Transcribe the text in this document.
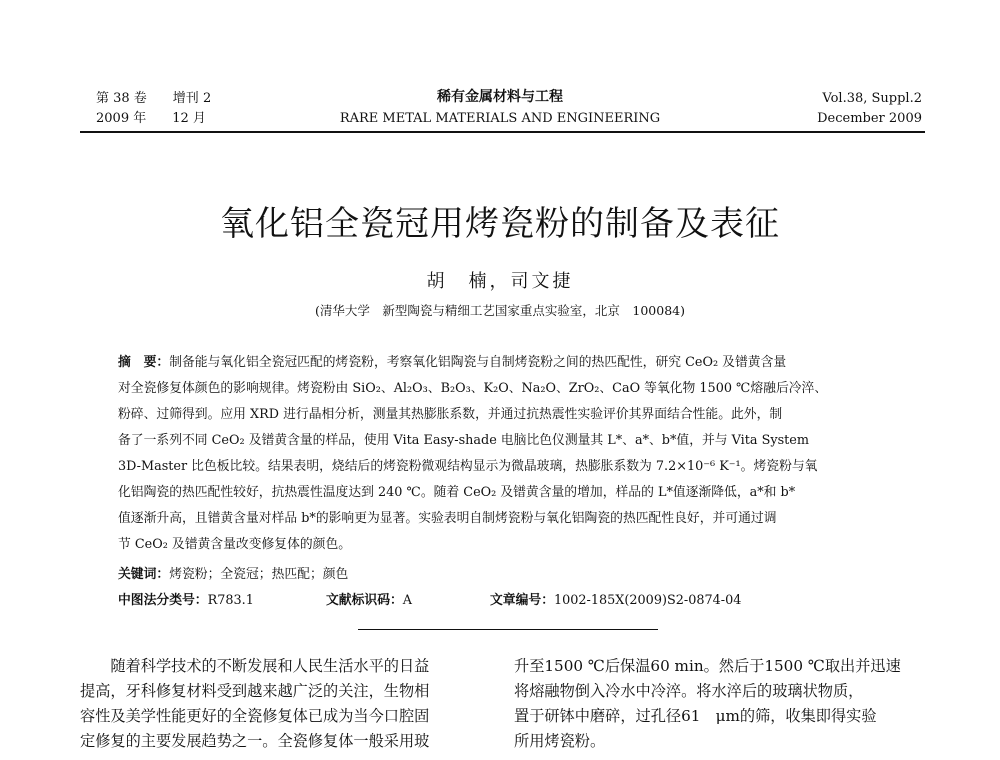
第 38 卷　　增刊 2
2009 年　　12 月
稀有金属材料与工程
RARE METAL MATERIALS AND ENGINEERING
Vol.38, Suppl.2
December 2009
氧化铝全瓷冠用烤瓷粉的制备及表征
胡　楠，司文捷
(清华大学　新型陶瓷与精细工艺国家重点实验室，北京　100084)
摘　要：制备能与氧化铝全瓷冠匹配的烤瓷粉，考察氧化铝陶瓷与自制烤瓷粉之间的热匹配性，研究 CeO₂ 及镨黄含量
对全瓷修复体颜色的影响规律。烤瓷粉由 SiO₂、Al₂O₃、B₂O₃、K₂O、Na₂O、ZrO₂、CaO 等氧化物 1500 ℃熔融后冷淬、
粉碎、过筛得到。应用 XRD 进行晶相分析，测量其热膨胀系数，并通过抗热震性实验评价其界面结合性能。此外，制
备了一系列不同 CeO₂ 及镨黄含量的样品，使用 Vita Easy-shade 电脑比色仪测量其 L*、a*、b*值，并与 Vita System
3D-Master 比色板比较。结果表明，烧结后的烤瓷粉微观结构显示为微晶玻璃，热膨胀系数为 7.2×10⁻⁶ K⁻¹。烤瓷粉与氧
化铝陶瓷的热匹配性较好，抗热震性温度达到 240 ℃。随着 CeO₂ 及镨黄含量的增加，样品的 L*值逐渐降低，a*和 b*
值逐渐升高，且镨黄含量对样品 b*的影响更为显著。实验表明自制烤瓷粉与氧化铝陶瓷的热匹配性良好，并可通过调
节 CeO₂ 及镨黄含量改变修复体的颜色。
关键词：烤瓷粉；全瓷冠；热匹配；颜色
中图法分类号：R783.1	文献标识码：A	文章编号：1002-185X(2009)S2-0874-04
　　随着科学技术的不断发展和人民生活水平的日益
提高，牙科修复材料受到越来越广泛的关注，生物相
容性及美学性能更好的全瓷修复体已成为当今口腔固
定修复的主要发展趋势之一。全瓷修复体一般采用玻
升至1500 ℃后保温60 min。然后于1500 ℃取出并迅速
将熔融物倒入冷水中冷淬。将水淬后的玻璃状物质，
置于研钵中磨碎，过孔径61　μm的筛，收集即得实验
所用烤瓷粉。
